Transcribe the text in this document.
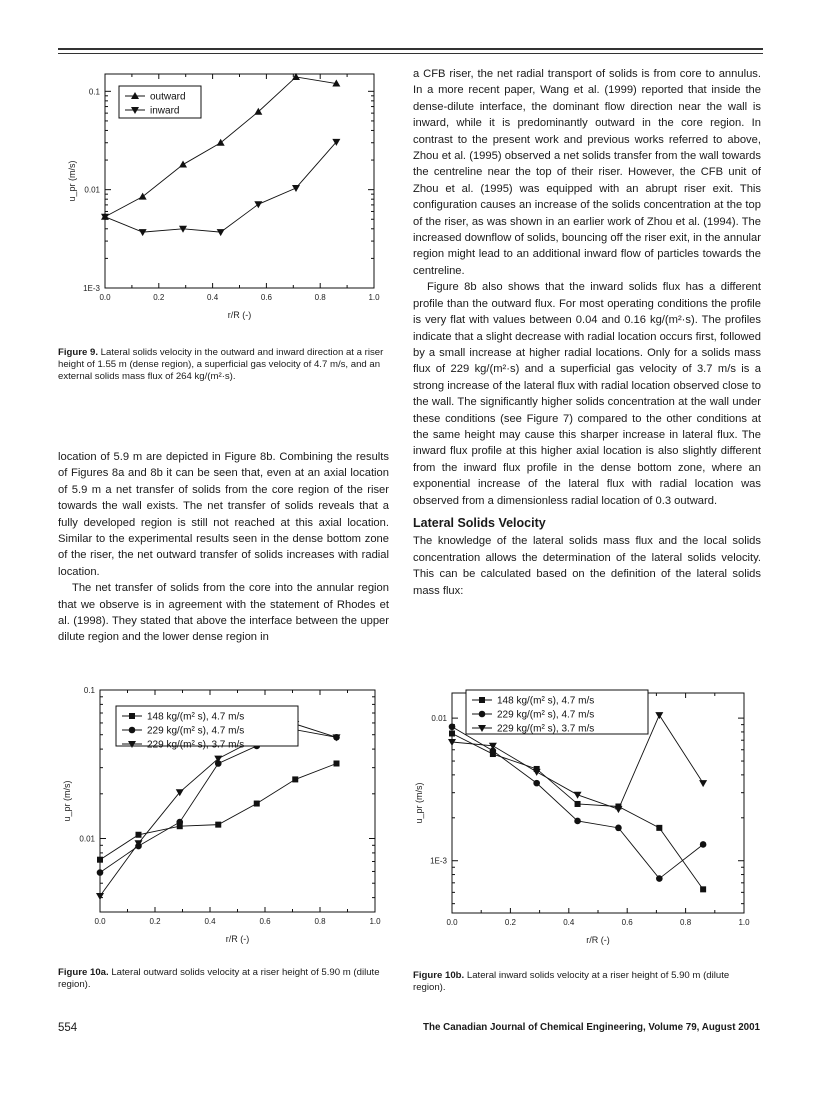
0.0	0.2	0.4	0.6	0.8	1.0
0.1
0.01
1E-3
r/R (-)
u_pr (m/s)
outward
inward
Figure 9. Lateral solids velocity in the outward and inward direction at a riser height of 1.55 m (dense region), a superficial gas velocity of 4.7 m/s, and an external solids mass flux of 264 kg/(m²·s).

location of 5.9 m are depicted in Figure 8b. Combining the results of Figures 8a and 8b it can be seen that, even at an axial location of 5.9 m a net transfer of solids from the core region of the riser towards the wall exists. The net transfer of solids reveals that a fully developed region is still not reached at this axial location. Similar to the experimental results seen in the dense bottom zone of the riser, the net outward transfer of solids increases with radial location.

The net transfer of solids from the core into the annular region that we observe is in agreement with the statement of Rhodes et al. (1998). They stated that above the interface between the upper dilute region and the lower dense region in

a CFB riser, the net radial transport of solids is from core to annulus. In a more recent paper, Wang et al. (1999) reported that inside the dense-dilute interface, the dominant flow direction near the wall is inward, while it is predominantly outward in the core region. In contrast to the present work and previous works referred to above, Zhou et al. (1995) observed a net solids transfer from the wall towards the centreline near the top of their riser. However, the CFB unit of Zhou et al. (1995) was equipped with an abrupt riser exit. This configuration causes an increase of the solids concentration at the top of the riser, as was shown in an earlier work of Zhou et al. (1994). The increased downflow of solids, bouncing off the riser exit, in the annular region might lead to an additional inward flow of particles towards the centreline.

Figure 8b also shows that the inward solids flux has a different profile than the outward flux. For most operating conditions the profile is very flat with values between 0.04 and 0.16 kg/(m²·s). The profiles indicate that a slight decrease with radial location occurs first, followed by a small increase at higher radial locations. Only for a solids mass flux of 229 kg/(m²·s) and a superficial gas velocity of 3.7 m/s is a strong increase of the lateral flux with radial location observed close to the wall. The significantly higher solids concentration at the wall under these conditions (see Figure 7) compared to the other conditions at the same height may cause this sharper increase in lateral flux. The inward flux profile at this higher axial location is also slightly different from the inward flux profile in the dense bottom zone, where an exponential increase of the lateral flux with radial location was observed from a dimensionless radial location of 0.3 outward.

Lateral Solids Velocity

The knowledge of the lateral solids mass flux and the local solids concentration allows the determination of the lateral solids velocity. This can be calculated based on the definition of the lateral solids mass flux:

0.0	0.2	0.4	0.6	0.8	1.0
0.1
0.01
r/R (-)
u_pr (m/s)
148 kg/(m² s), 4.7 m/s
229 kg/(m² s), 4.7 m/s
229 kg/(m² s), 3.7 m/s
Figure 10a. Lateral outward solids velocity at a riser height of 5.90 m (dilute region).
0.0	0.2	0.4	0.6	0.8	1.0
0.01
1E-3
r/R (-)
u_pr (m/s)
148 kg/(m² s), 4.7 m/s
229 kg/(m² s), 4.7 m/s
229 kg/(m² s), 3.7 m/s
Figure 10b. Lateral inward solids velocity at a riser height of 5.90 m (dilute region).
554	The Canadian Journal of Chemical Engineering, Volume 79, August 2001
